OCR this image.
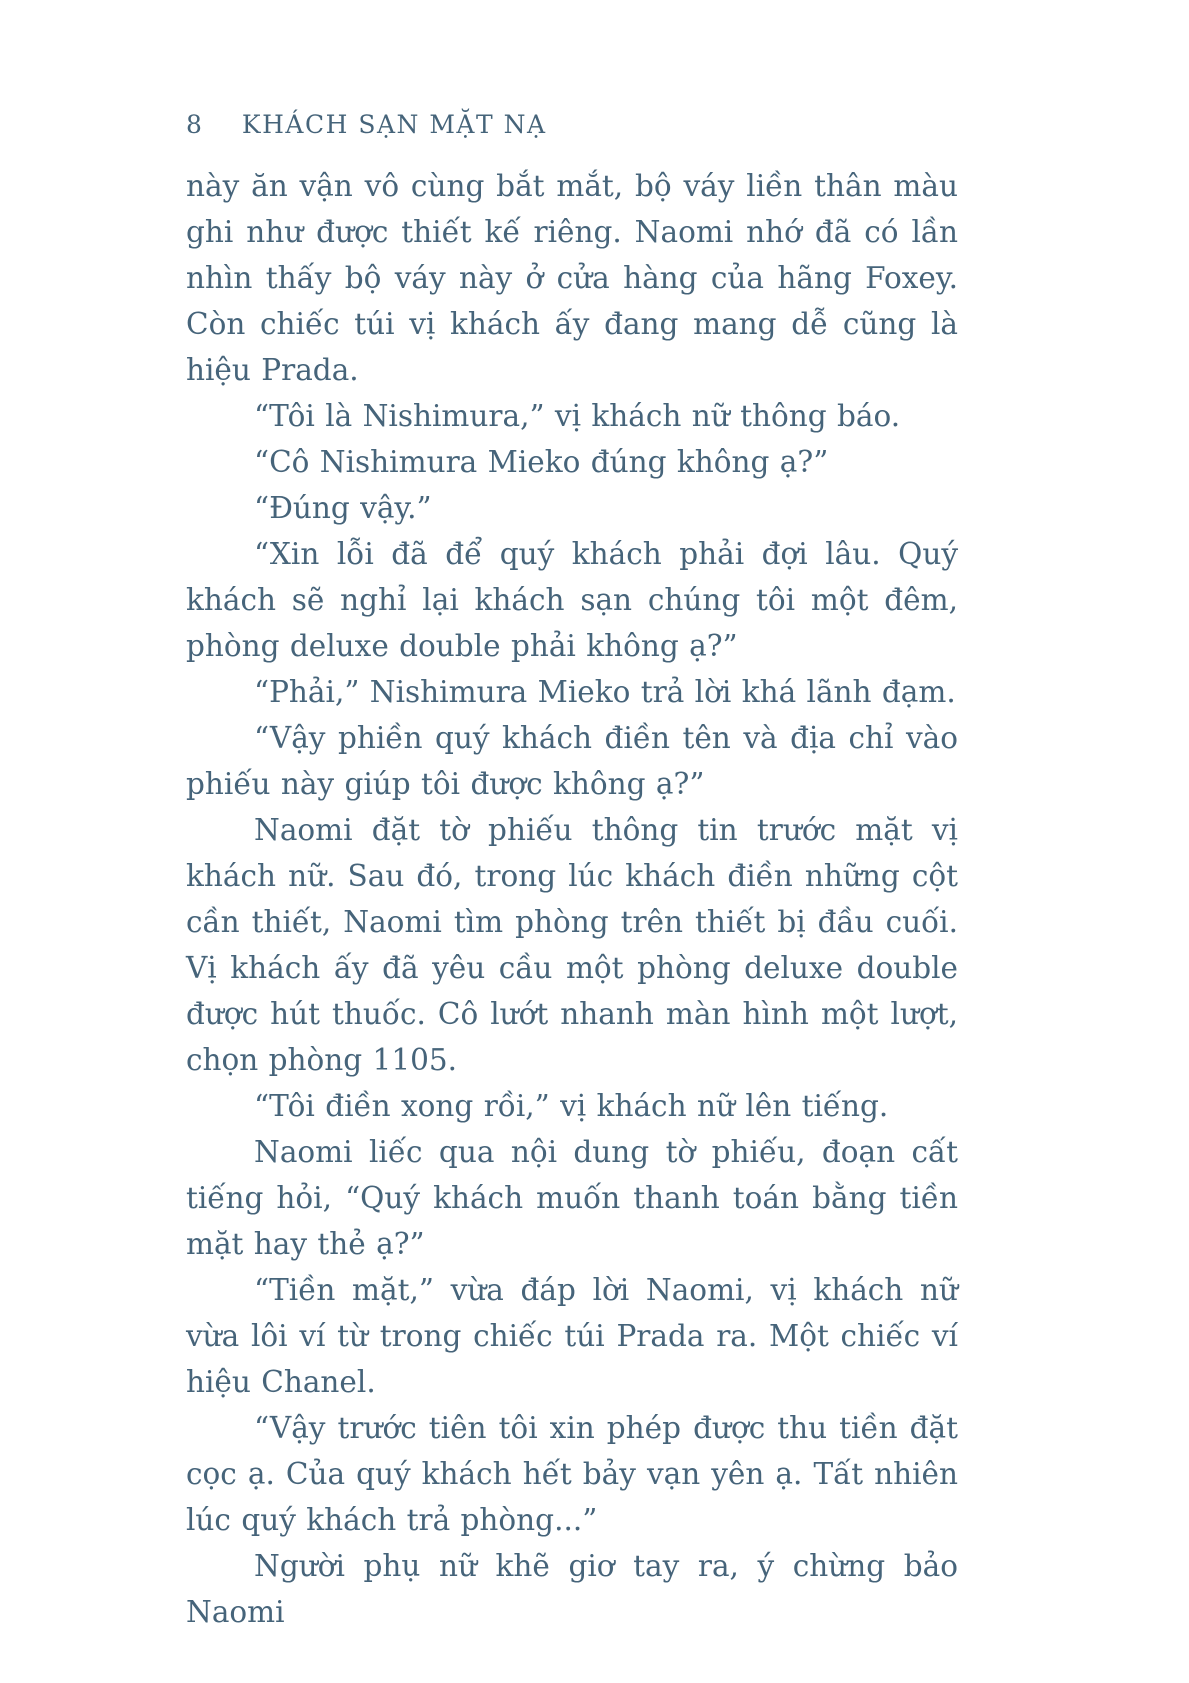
8 KHÁCH SẠN MẶT NẠ

này ăn vận vô cùng bắt mắt, bộ váy liền thân màu ghi như được thiết kế riêng. Naomi nhớ đã có lần nhìn thấy bộ váy này ở cửa hàng của hãng Foxey. Còn chiếc túi vị khách ấy đang mang dễ cũng là hiệu Prada.

“Tôi là Nishimura,” vị khách nữ thông báo.

“Cô Nishimura Mieko đúng không ạ?”

“Đúng vậy.”

“Xin lỗi đã để quý khách phải đợi lâu. Quý khách sẽ nghỉ lại khách sạn chúng tôi một đêm, phòng deluxe double phải không ạ?”

“Phải,” Nishimura Mieko trả lời khá lãnh đạm.

“Vậy phiền quý khách điền tên và địa chỉ vào phiếu này giúp tôi được không ạ?”

Naomi đặt tờ phiếu thông tin trước mặt vị khách nữ. Sau đó, trong lúc khách điền những cột cần thiết, Naomi tìm phòng trên thiết bị đầu cuối. Vị khách ấy đã yêu cầu một phòng deluxe double được hút thuốc. Cô lướt nhanh màn hình một lượt, chọn phòng 1105.

“Tôi điền xong rồi,” vị khách nữ lên tiếng.

Naomi liếc qua nội dung tờ phiếu, đoạn cất tiếng hỏi, “Quý khách muốn thanh toán bằng tiền mặt hay thẻ ạ?”

“Tiền mặt,” vừa đáp lời Naomi, vị khách nữ vừa lôi ví từ trong chiếc túi Prada ra. Một chiếc ví hiệu Chanel.

“Vậy trước tiên tôi xin phép được thu tiền đặt cọc ạ. Của quý khách hết bảy vạn yên ạ. Tất nhiên lúc quý khách trả phòng...”

Người phụ nữ khẽ giơ tay ra, ý chừng bảo Naomi
